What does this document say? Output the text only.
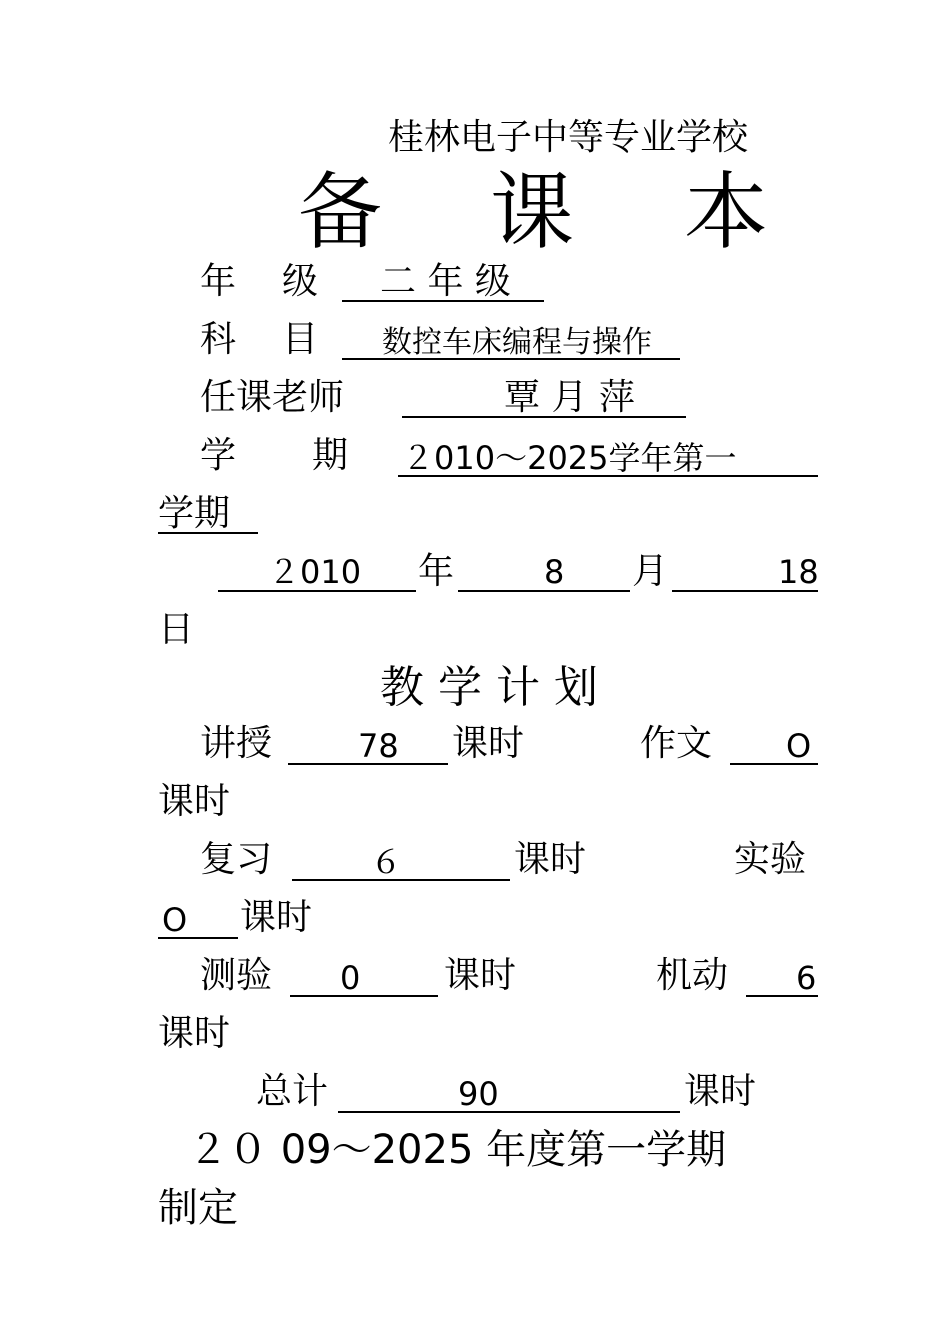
桂林电子中等专业学校
备 课 本
年 级 二 年 级
科 目 数控车床编程与操作
任课老师	覃 月 萍
学 期 ２010～2025学年第一
学期
２010 年	8 月	18
日
教 学 计 划
讲授	78 课时	作文 O
课时
复习	６	课时	实验
O 课时
测验 0 课时	机动 6
课时
总计	90	课时
２０ 09～2025 年度第一学期
制定
